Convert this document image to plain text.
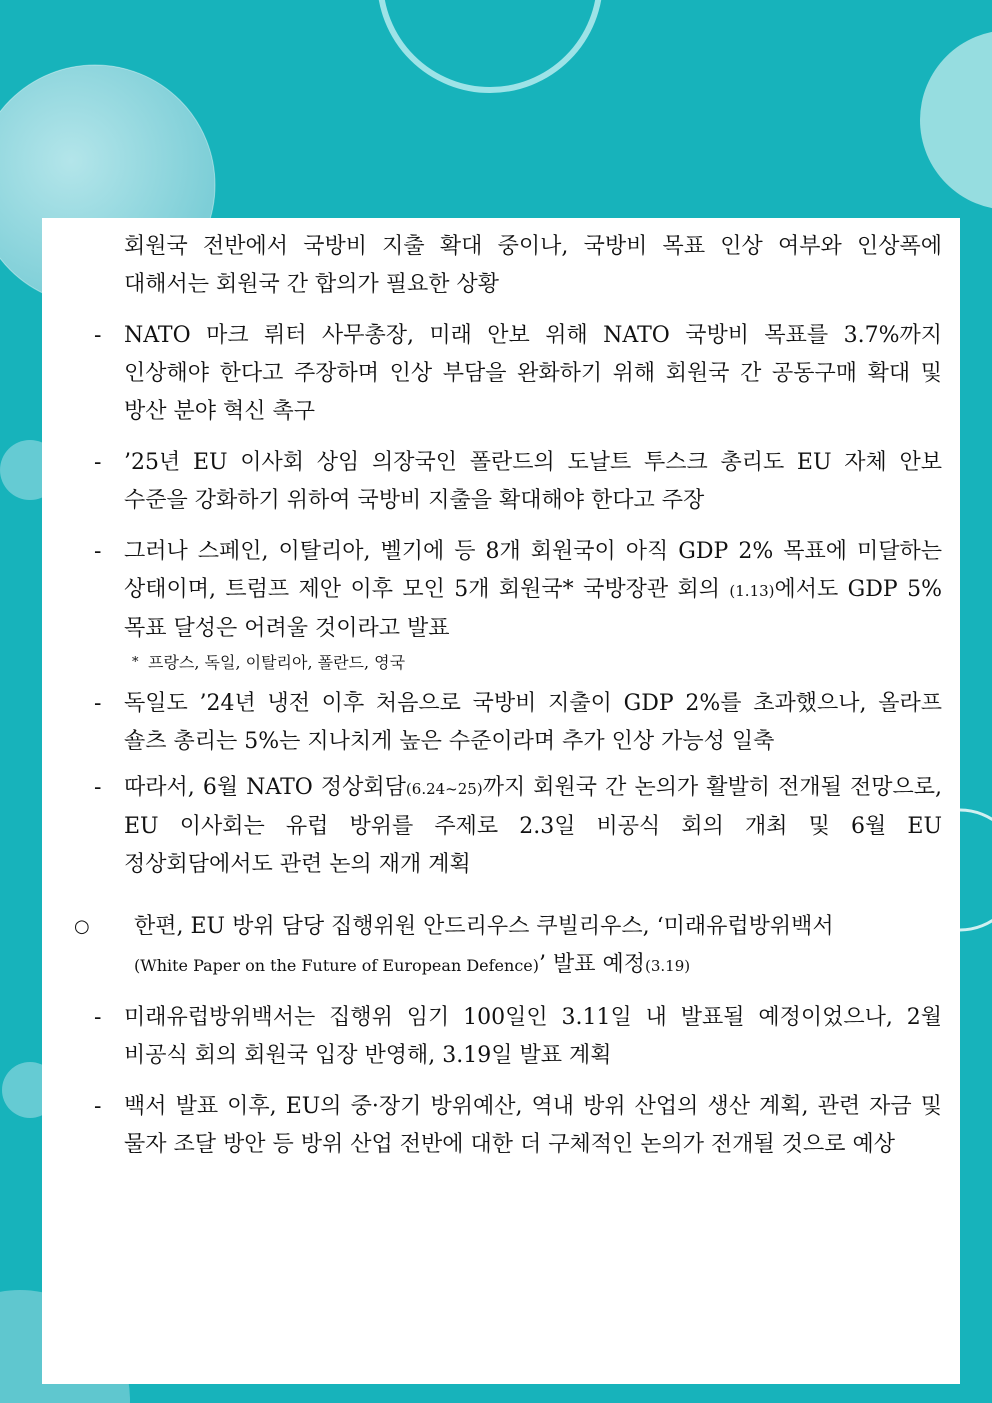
회원국 전반에서 국방비 지출 확대 중이나, 국방비 목표 인상 여부와 인상폭에 대해서는 회원국 간 합의가 필요한 상황
- NATO 마크 뤼터 사무총장, 미래 안보 위해 NATO 국방비 목표를 3.7%까지 인상해야 한다고 주장하며 인상 부담을 완화하기 위해 회원국 간 공동구매 확대 및 방산 분야 혁신 촉구
- ’25년 EU 이사회 상임 의장국인 폴란드의 도날트 투스크 총리도 EU 자체 안보 수준을 강화하기 위하여 국방비 지출을 확대해야 한다고 주장
- 그러나 스페인, 이탈리아, 벨기에 등 8개 회원국이 아직 GDP 2% 목표에 미달하는 상태이며, 트럼프 제안 이후 모인 5개 회원국* 국방장관 회의 (1.13)에서도 GDP 5% 목표 달성은 어려울 것이라고 발표
* 프랑스, 독일, 이탈리아, 폴란드, 영국
- 독일도 ’24년 냉전 이후 처음으로 국방비 지출이 GDP 2%를 초과했으나, 올라프 숄츠 총리는 5%는 지나치게 높은 수준이라며 추가 인상 가능성 일축
- 따라서, 6월 NATO 정상회담(6.24~25)까지 회원국 간 논의가 활발히 전개될 전망으로, EU 이사회는 유럽 방위를 주제로 2.3일 비공식 회의 개최 및 6월 EU 정상회담에서도 관련 논의 재개 계획
○ 한편, EU 방위 담당 집행위원 안드리우스 쿠빌리우스, ‘미래유럽방위백서
(White Paper on the Future of European Defence)’ 발표 예정(3.19)
- 미래유럽방위백서는 집행위 임기 100일인 3.11일 내 발표될 예정이었으나, 2월 비공식 회의 회원국 입장 반영해, 3.19일 발표 계획
- 백서 발표 이후, EU의 중·장기 방위예산, 역내 방위 산업의 생산 계획, 관련 자금 및 물자 조달 방안 등 방위 산업 전반에 대한 더 구체적인 논의가 전개될 것으로 예상
